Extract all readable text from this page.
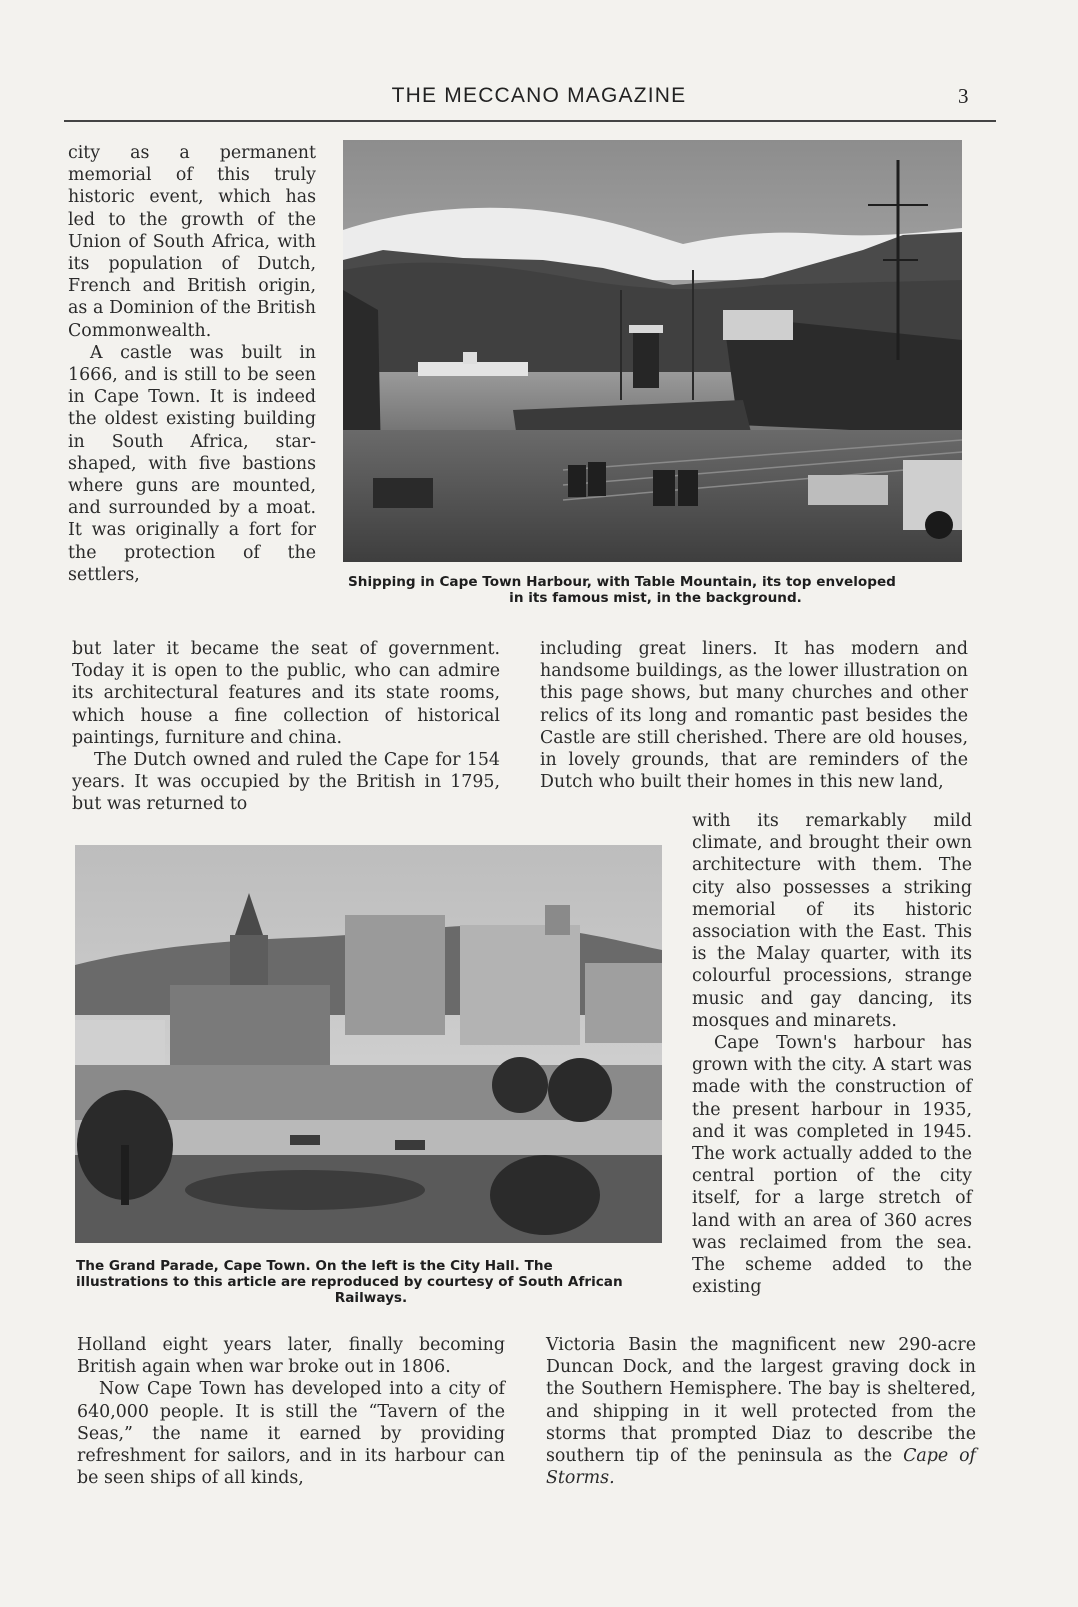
THE MECCANO MAGAZINE	3

city as a permanent memorial of this truly historic event, which has led to the growth of the Union of South Africa, with its population of Dutch, French and British origin, as a Dominion of the British Commonwealth.

A castle was built in 1666, and is still to be seen in Cape Town. It is indeed the oldest existing building in South Africa, star-shaped, with five bastions where guns are mounted, and surrounded by a moat. It was originally a fort for the protection of the settlers,	Shipping in Cape Town Harbour, with Table Mountain, its top enveloped
in its famous mist, in the background.

but later it became the seat of government. Today it is open to the public, who can admire its architectural features and its state rooms, which house a fine collection of historical paintings, furniture and china.

The Dutch owned and ruled the Cape for 154 years. It was occupied by the British in 1795, but was returned to

including great liners. It has modern and handsome buildings, as the lower illustration on this page shows, but many churches and other relics of its long and romantic past besides the Castle are still cherished. There are old houses, in lovely grounds, that are reminders of the Dutch who built their homes in this new land,

The Grand Parade, Cape Town. On the left is the City Hall. The
illustrations to this article are reproduced by courtesy of South African
Railways.

with its remarkably mild climate, and brought their own architecture with them. The city also possesses a striking memorial of its historic association with the East. This is the Malay quarter, with its colourful processions, strange music and gay dancing, its mosques and minarets.

Cape Town's harbour has grown with the city. A start was made with the construction of the present harbour in 1935, and it was completed in 1945. The work actually added to the central portion of the city itself, for a large stretch of land with an area of 360 acres was reclaimed from the sea. The scheme added to the existing

Holland eight years later, finally becoming British again when war broke out in 1806.

Now Cape Town has developed into a city of 640,000 people. It is still the “Tavern of the Seas,” the name it earned by providing refreshment for sailors, and in its harbour can be seen ships of all kinds,

Victoria Basin the magnificent new 290-acre Duncan Dock, and the largest graving dock in the Southern Hemisphere. The bay is sheltered, and shipping in it well protected from the storms that prompted Diaz to describe the southern tip of the peninsula as the Cape of Storms.
